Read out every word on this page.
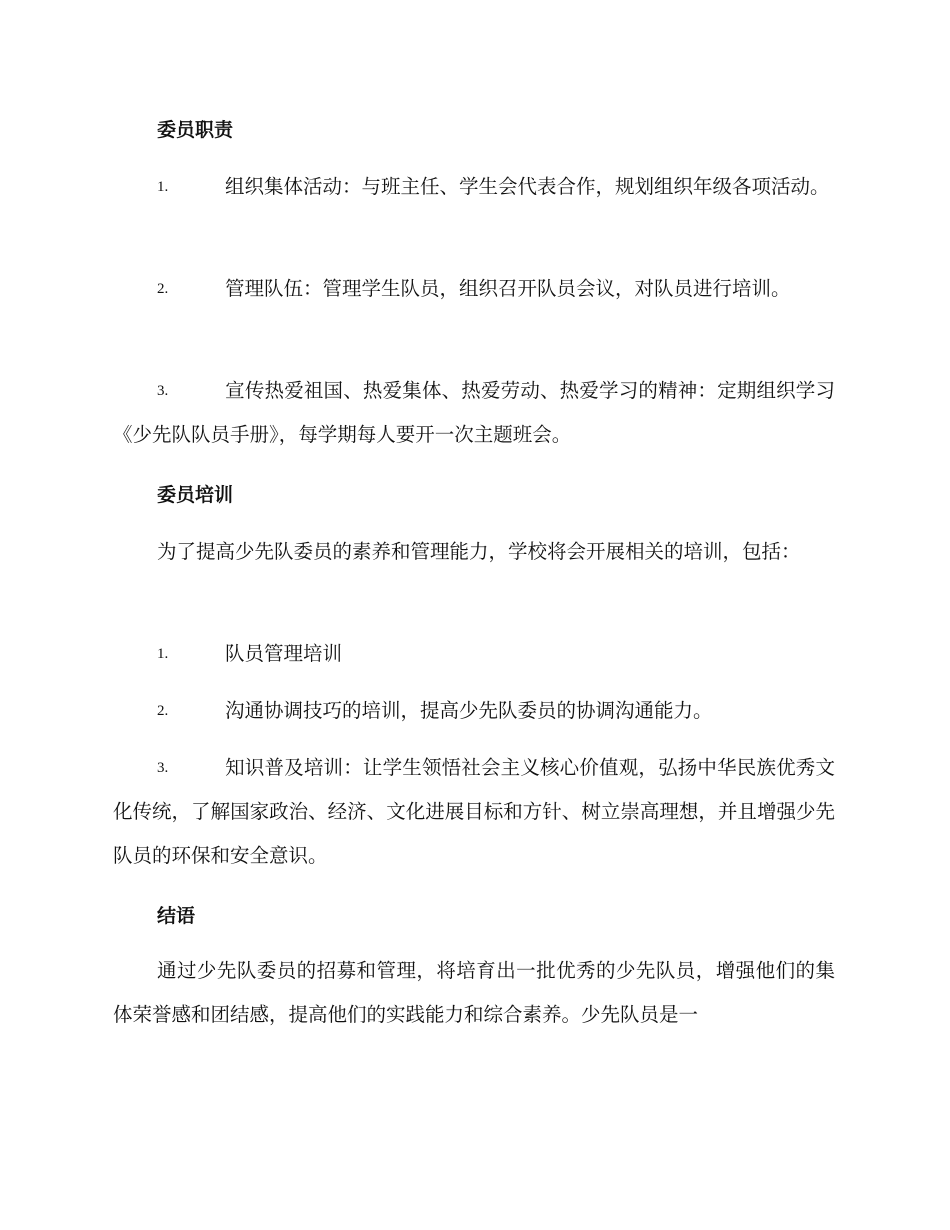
委员职责
1.	组织集体活动：与班主任、学生会代表合作，规划组织年级各项活动。
2.	管理队伍：管理学生队员，组织召开队员会议，对队员进行培训。
3.	宣传热爱祖国、热爱集体、热爱劳动、热爱学习的精神：定期组织学习《少先队队员手册》，每学期每人要开一次主题班会。
委员培训
为了提高少先队委员的素养和管理能力，学校将会开展相关的培训，包括：
1.	队员管理培训
2.	沟通协调技巧的培训，提高少先队委员的协调沟通能力。
3.	知识普及培训：让学生领悟社会主义核心价值观，弘扬中华民族优秀文化传统，了解国家政治、经济、文化进展目标和方针、树立崇高理想，并且增强少先队员的环保和安全意识。
结语
通过少先队委员的招募和管理，将培育出一批优秀的少先队员，增强他们的集体荣誉感和团结感，提高他们的实践能力和综合素养。少先队员是一
